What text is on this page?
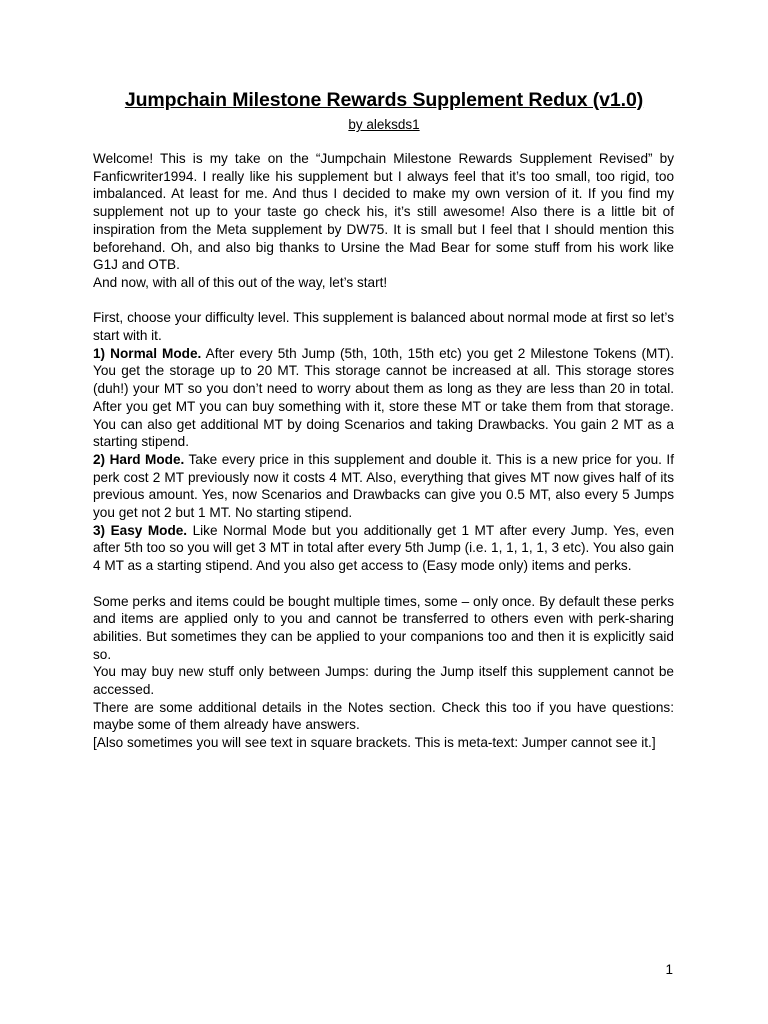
Jumpchain Milestone Rewards Supplement Redux (v1.0)
by aleksds1

Welcome! This is my take on the “Jumpchain Milestone Rewards Supplement Revised” by Fanficwriter1994. I really like his supplement but I always feel that it’s too small, too rigid, too imbalanced. At least for me. And thus I decided to make my own version of it. If you find my supplement not up to your taste go check his, it’s still awesome! Also there is a little bit of inspiration from the Meta supplement by DW75. It is small but I feel that I should mention this beforehand. Oh, and also big thanks to Ursine the Mad Bear for some stuff from his work like G1J and OTB.

And now, with all of this out of the way, let’s start!

First, choose your difficulty level. This supplement is balanced about normal mode at first so let’s start with it.

1) Normal Mode. After every 5th Jump (5th, 10th, 15th etc) you get 2 Milestone Tokens (MT). You get the storage up to 20 MT. This storage cannot be increased at all. This storage stores (duh!) your MT so you don’t need to worry about them as long as they are less than 20 in total. After you get MT you can buy something with it, store these MT or take them from that storage. You can also get additional MT by doing Scenarios and taking Drawbacks. You gain 2 MT as a starting stipend.

2) Hard Mode. Take every price in this supplement and double it. This is a new price for you. If perk cost 2 MT previously now it costs 4 MT. Also, everything that gives MT now gives half of its previous amount. Yes, now Scenarios and Drawbacks can give you 0.5 MT, also every 5 Jumps you get not 2 but 1 MT. No starting stipend.

3) Easy Mode. Like Normal Mode but you additionally get 1 MT after every Jump. Yes, even after 5th too so you will get 3 MT in total after every 5th Jump (i.e. 1, 1, 1, 1, 3 etc). You also gain 4 MT as a starting stipend. And you also get access to (Easy mode only) items and perks.

Some perks and items could be bought multiple times, some – only once. By default these perks and items are applied only to you and cannot be transferred to others even with perk-sharing abilities. But sometimes they can be applied to your companions too and then it is explicitly said so.

You may buy new stuff only between Jumps: during the Jump itself this supplement cannot be accessed.

There are some additional details in the Notes section. Check this too if you have questions: maybe some of them already have answers.

[Also sometimes you will see text in square brackets. This is meta-text: Jumper cannot see it.]

1
